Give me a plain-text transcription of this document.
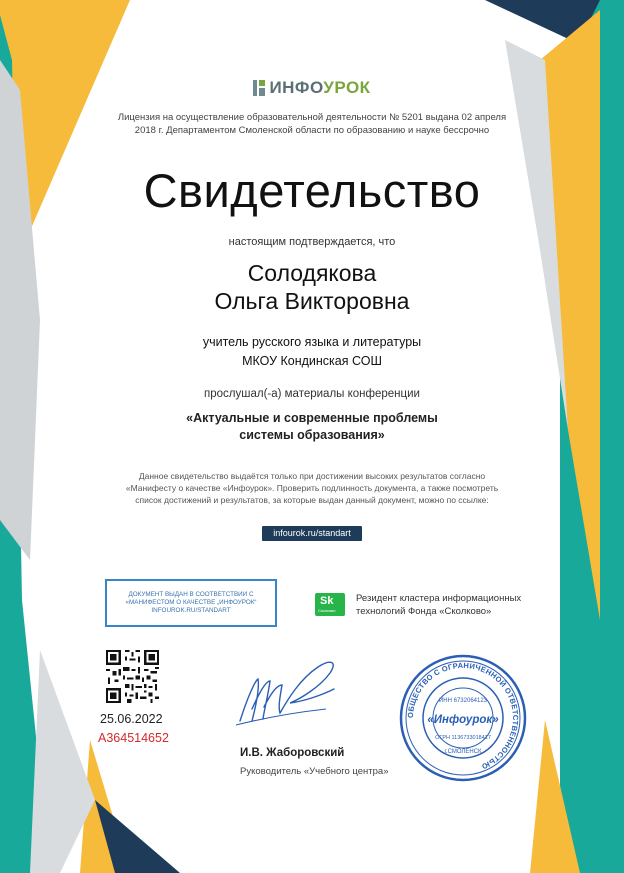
ИНФОУРОК
Лицензия на осуществление образовательной деятельности № 5201 выдана 02 апреля
2018 г. Департаментом Смоленской области по образованию и науке бессрочно
Свидетельство
настоящим подтверждается, что
Солодякова
Ольга Викторовна
учитель русского языка и литературы
МКОУ Кондинская СОШ
прослушал(-а) материалы конференции
«Актуальные и современные проблемы
системы образования»
Данное свидетельство выдаётся только при достижении высоких результатов согласно
«Манифесту о качестве «Инфоурок». Проверить подлинность документа, а также посмотреть
список достижений и результатов, за которые выдан данный документ, можно по ссылке:
infourok.ru/standart
ДОКУМЕНТ ВЫДАН В СООТВЕТСТВИИ С
«МАНИФЕСТОМ О КАЧЕСТВЕ „ИНФОУРОК“
INFOUROK.RU/STANDART
Sk
Сколково
Резидент кластера информационных
технологий Фонда «Сколково»
25.06.2022
А364514652
И.В. Жаборовский
Руководитель «Учебного центра»
ОБЩЕСТВО С ОГРАНИЧЕННОЙ ОТВЕТСТВЕННОСТЬЮ
ИНН 6732064123
«Инфоурок»
ОГРН 1136733018417
г.СМОЛЕНСК
